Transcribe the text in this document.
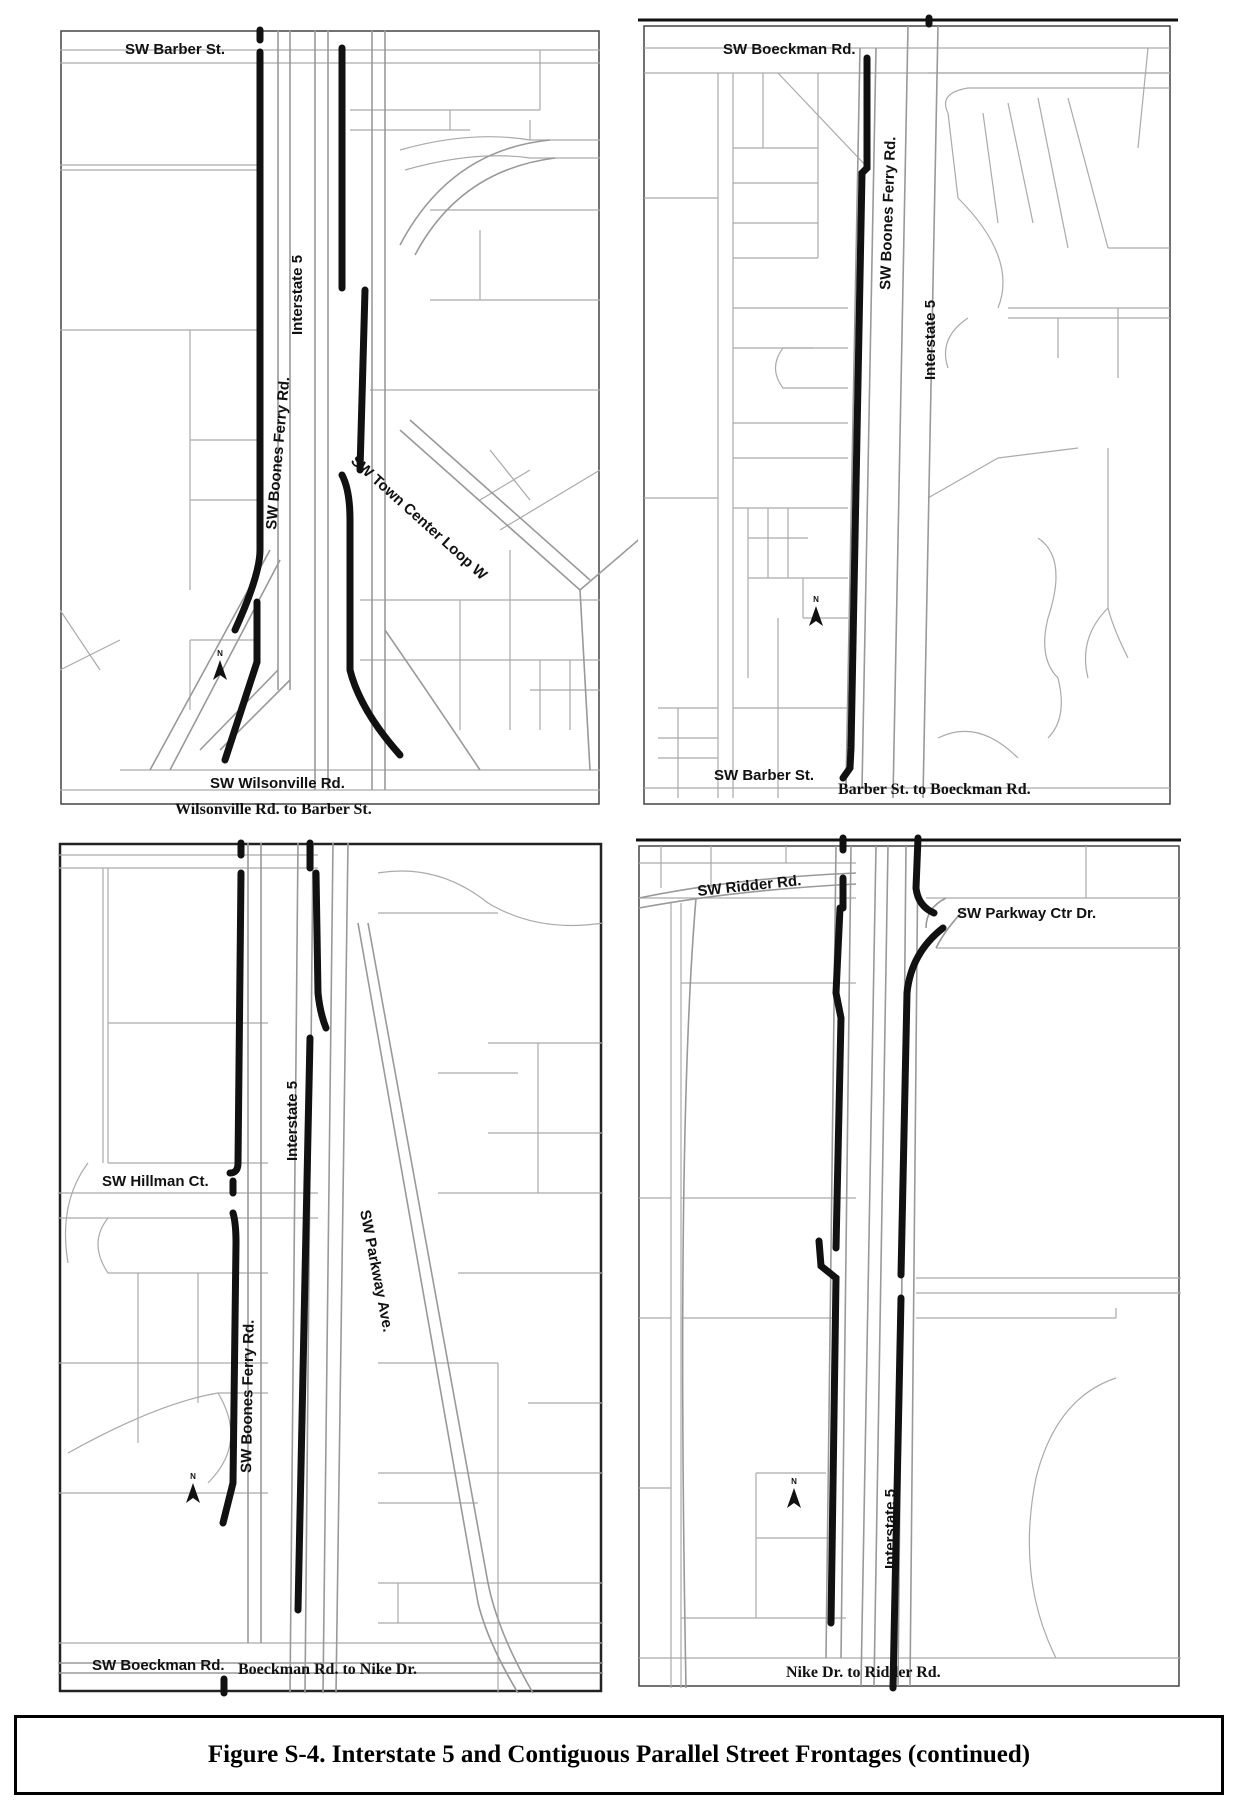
N
SW Barber St.
SW Wilsonville Rd.
SW Boones Ferry Rd.
Interstate 5
SW Town Center Loop W
Wilsonville Rd. to Barber St.
N
SW Boeckman Rd.
SW Barber St.
SW Boones Ferry Rd.
Interstate 5
Barber St. to Boeckman Rd.
N
SW Hillman Ct.
SW Boeckman Rd.
SW Boones Ferry Rd.
Interstate 5
SW Parkway Ave.
Boeckman Rd. to Nike Dr.
N
SW Ridder Rd.
SW Parkway Ctr Dr.
Interstate 5
Nike Dr. to Ridder Rd.
Figure S-4. Interstate 5 and Contiguous Parallel Street Frontages (continued)
